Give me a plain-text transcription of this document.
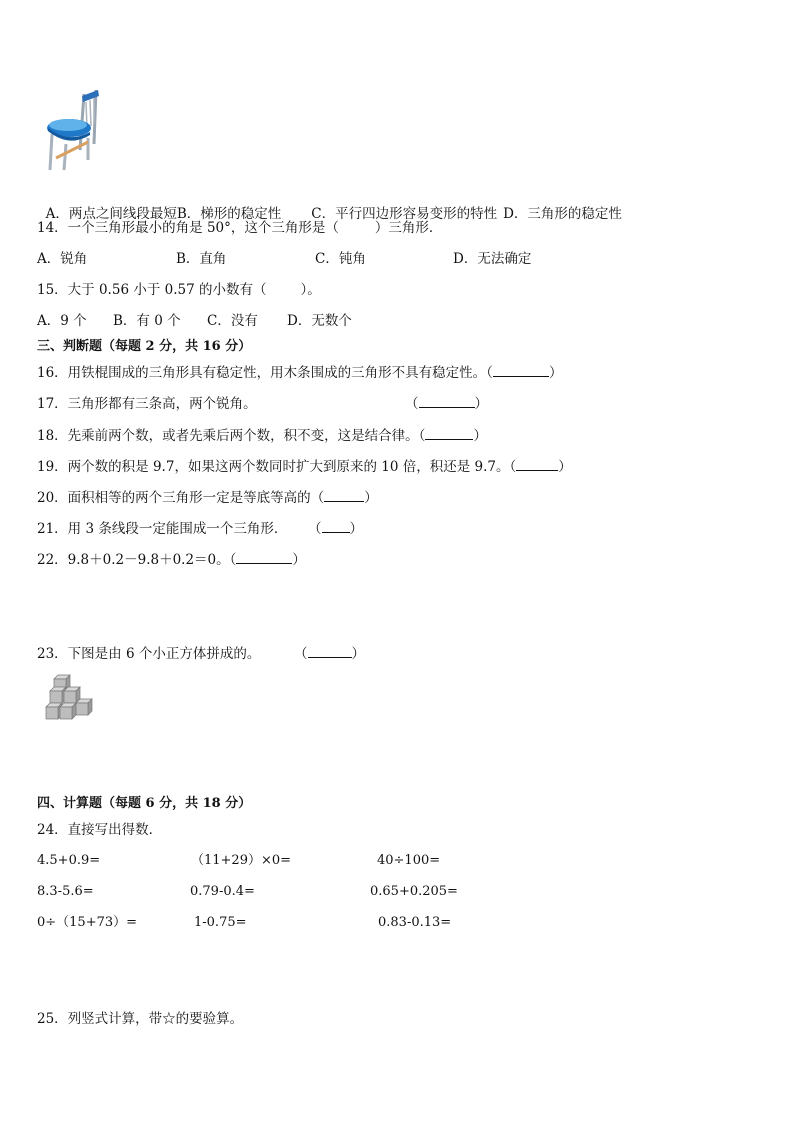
A．两点之间线段最短B．梯形的稳定性 C．平行四边形容易变形的特性 D．三角形的稳定性

14．一个三角形最小的角是 50°，这个三角形是（	）三角形．
A．锐角	B．直角	C．钝角	D．无法确定
15．大于 0.56 小于 0.57 的小数有（	）。
A．9 个 B．有 0 个 C．没有 D．无数个
三、判断题（每题 2 分，共 16 分）
16．用铁棍围成的三角形具有稳定性，用木条围成的三角形不具有稳定性。（	）
17．三角形都有三条高，两个锐角。	（	）
18．先乘前两个数，或者先乘后两个数，积不变，这是结合律。（	）
19．两个数的积是 9.7，如果这两个数同时扩大到原来的 10 倍，积还是 9.7。（	）
20．面积相等的两个三角形一定是等底等高的（	）
21．用 3 条线段一定能围成一个三角形． （ ）
22．9.8＋0.2－9.8＋0.2＝0。（	）
23．下图是由 6 个小正方体拼成的。 （	）
四、计算题（每题 6 分，共 18 分）
24．直接写出得数．
4.5+0.9=	（11+29）×0=	40÷100=
8.3-5.6=	0.79-0.4=	0.65+0.205=
0÷（15+73）=	1-0.75=	0.83-0.13=
25．列竖式计算，带☆的要验算。
